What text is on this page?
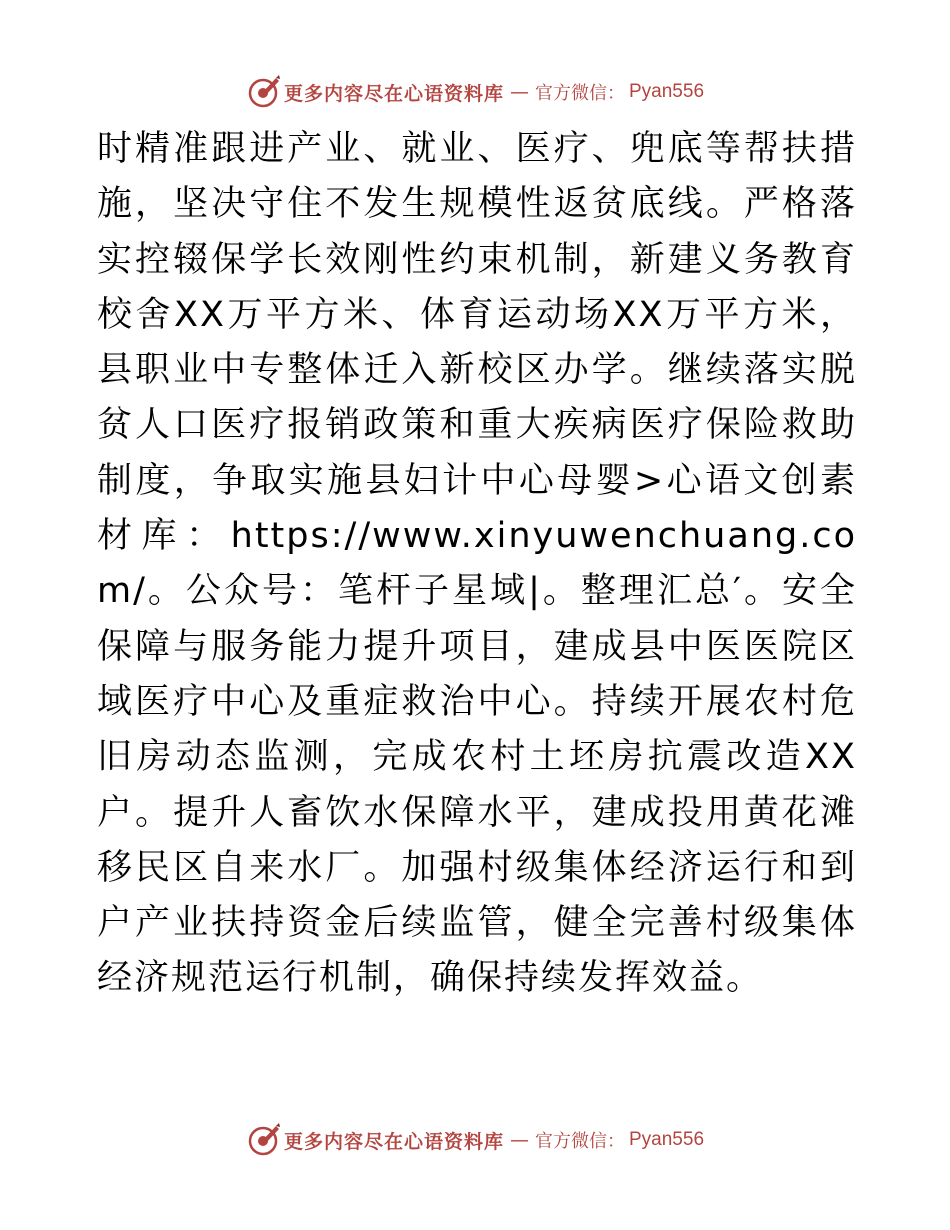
更多内容尽在心语资料库 — 官方微信： Pyan556

时精准跟进产业、就业、医疗、兜底等帮扶措施，坚决守住不发生规模性返贫底线。严格落实控辍保学长效刚性约束机制，新建义务教育校舍XX万平方米、体育运动场XX万平方米，县职业中专整体迁入新校区办学。继续落实脱贫人口医疗报销政策和重大疾病医疗保险救助制度，争取实施县妇计中心母婴>心语文创素材库：https://www.xinyuwenchuang.com/。公众号：笔杆子星域|。整理汇总′。安全保障与服务能力提升项目，建成县中医医院区域医疗中心及重症救治中心。持续开展农村危旧房动态监测，完成农村土坯房抗震改造XX户。提升人畜饮水保障水平，建成投用黄花滩移民区自来水厂。加强村级集体经济运行和到户产业扶持资金后续监管，健全完善村级集体经济规范运行机制，确保持续发挥效益。

更多内容尽在心语资料库 — 官方微信： Pyan556
